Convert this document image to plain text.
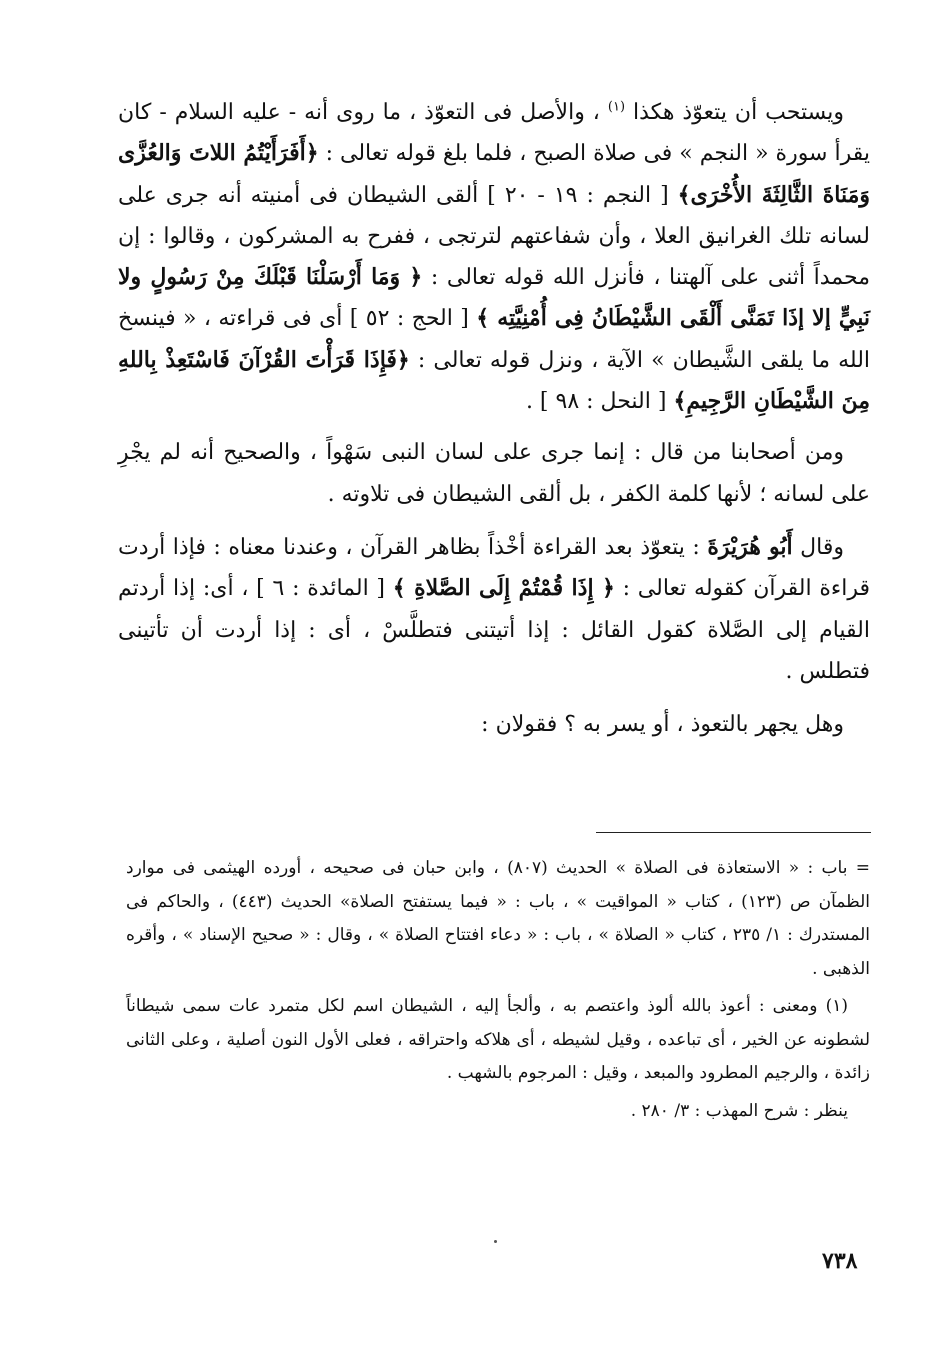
ويستحب أن يتعوّذ هكذا $^{(١)}$ ، والأصل فى التعوّذ ، ما روى أنه - عليه السلام - كان يقرأ سورة « النجم » فى صلاة الصبح ، فلما بلغ قوله تعالى : ﴿أَفَرَأَيْتُمُ اللاتَ وَالعُزَّى وَمَنَاةَ الثَّالِثَةَ الأُخْرَى﴾ [ النجم : ١٩ - ٢٠ ] ألقى الشيطان فى أمنيته أنه جرى على لسانه تلك الغرانيق العلا ، وأن شفاعتهم لترتجى ، ففرح به المشركون ، وقالوا : إن محمداً أثنى على آلهتنا ، فأنزل الله قوله تعالى : ﴿ وَمَا أَرْسَلْنَا قَبْلَكَ مِنْ رَسُولٍ ولا نَبِيٍّ إلا إذَا تَمَنَّى أَلْقَى الشَّيْطَانُ فِى أُمْنِيَّتِه ﴾ [ الحج : ٥٢ ] أى فى قراءته ، « فينسخ الله ما يلقى الشَّيطان » الآية ، ونزل قوله تعالى : ﴿فَإِذَا قَرَأْتَ القُرْآنَ فَاسْتَعِذْ بِاللهِ مِنَ الشَّيْطَانِ الرَّجِيمِ﴾ [ النحل : ٩٨ ] .

ومن أصحابنا من قال : إنما جرى على لسان النبى سَهْواً ، والصحيح أنه لم يجْرِ على لسانه ؛ لأنها كلمة الكفر ، بل ألقى الشيطان فى تلاوته .

وقال أَبُو هُرَيْرَةَ : يتعوّذ بعد القراءة أخْذاً بظاهر القرآن ، وعندنا معناه : فإذا أردت قراءة القرآن كقوله تعالى : ﴿ إِذَا قُمْتُمْ إِلَى الصَّلاةِ ﴾ [ المائدة : ٦ ] ، أى: إذا أردتم القيام إلى الصَّلاة كقول القائل : إذا أتيتنى فتطلَّسْ ، أى : إذا أردت أن تأتينى فتطلس .

وهل يجهر بالتعوذ ، أو يسر به ؟ فقولان :

= باب : « الاستعاذة فى الصلاة » الحديث (٨٠٧) ، وابن حبان فى صحيحه ، أورده الهيثمى فى موارد الظمآن ص (١٢٣) ، كتاب « المواقيت » ، باب : « فيما يستفتح الصلاة» الحديث (٤٤٣) ، والحاكم فى المستدرك : ١/ ٢٣٥ ، كتاب « الصلاة » ، باب : « دعاء افتتاح الصلاة » ، وقال : « صحيح الإسناد » ، وأقره الذهبى .

(١) ومعنى : أعوذ بالله ألوذ واعتصم به ، وألجأ إليه ، الشيطان اسم لكل متمرد عات سمى شيطاناً لشطونه عن الخير ، أى تباعده ، وقيل لشيطه ، أى هلاكه واحتراقه ، فعلى الأول النون أصلية ، وعلى الثانى زائدة ، والرجيم المطرود والمبعد ، وقيل : المرجوم بالشهب .

ينظر : شرح المهذب : ٣/ ٢٨٠ .

٧٣٨
